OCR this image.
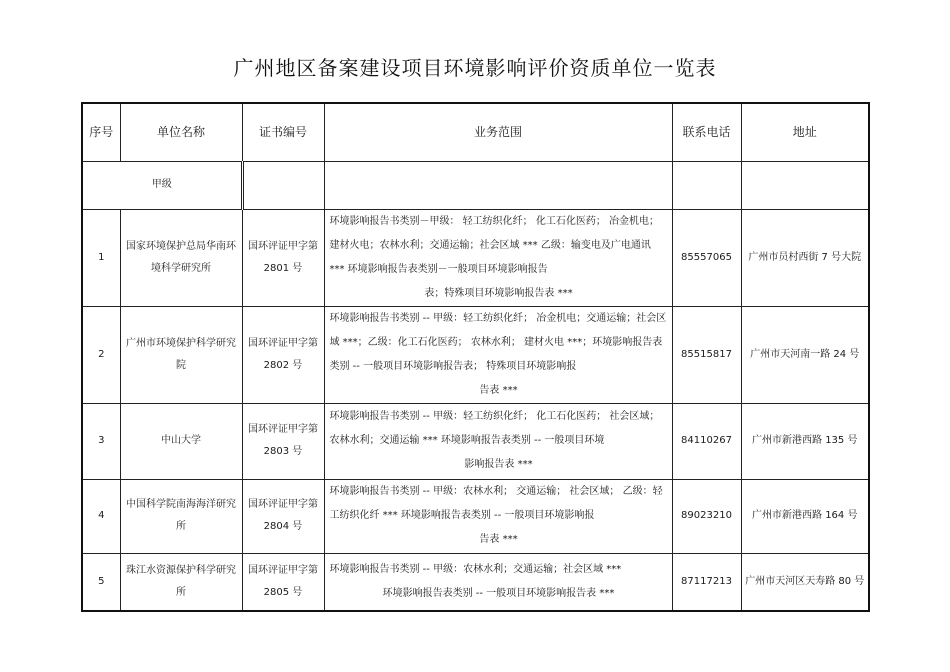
广州地区备案建设项目环境影响评价资质单位一览表
序号	单位名称	证书编号	业务范围	联系电话	地址
甲级					
1	国家环境保护总局华南环境科学研究所	国环评证甲字第 2801 号	环境影响报告书类别－甲级： 轻工纺织化纤； 化工石化医药； 冶金机电；建材火电；农林水利；交通运输；社会区域 *** 乙级：输变电及广电通讯 *** 环境影响报告表类别－一般项目环境影响报告
表；特殊项目环境影响报告表 ***	85557065	广州市员村西街 7 号大院
2	广州市环境保护科学研究院	国环评证甲字第 2802 号	环境影响报告书类别 -- 甲级：轻工纺织化纤； 冶金机电；交通运输；社会区域 ***；乙级：化工石化医药； 农林水利； 建材火电 ***；环境影响报告表类别 -- 一般项目环境影响报告表； 特殊项目环境影响报
告表 ***	85515817	广州市天河南一路 24 号
3	中山大学	国环评证甲字第 2803 号	环境影响报告书类别 -- 甲级：轻工纺织化纤； 化工石化医药； 社会区域；农林水利；交通运输 *** 环境影响报告表类别 -- 一般项目环境
影响报告表 ***	84110267	广州市新港西路 135 号
4	中国科学院南海海洋研究所	国环评证甲字第 2804 号	环境影响报告书类别 -- 甲级：农林水利； 交通运输； 社会区域； 乙级：轻工纺织化纤 *** 环境影响报告表类别 -- 一般项目环境影响报
告表 ***	89023210	广州市新港西路 164 号
5	珠江水资源保护科学研究所	国环评证甲字第 2805 号	环境影响报告书类别 -- 甲级：农林水利；交通运输；社会区域 ***
环境影响报告表类别 -- 一般项目环境影响报告表 ***	87117213	广州市天河区天寿路 80 号
